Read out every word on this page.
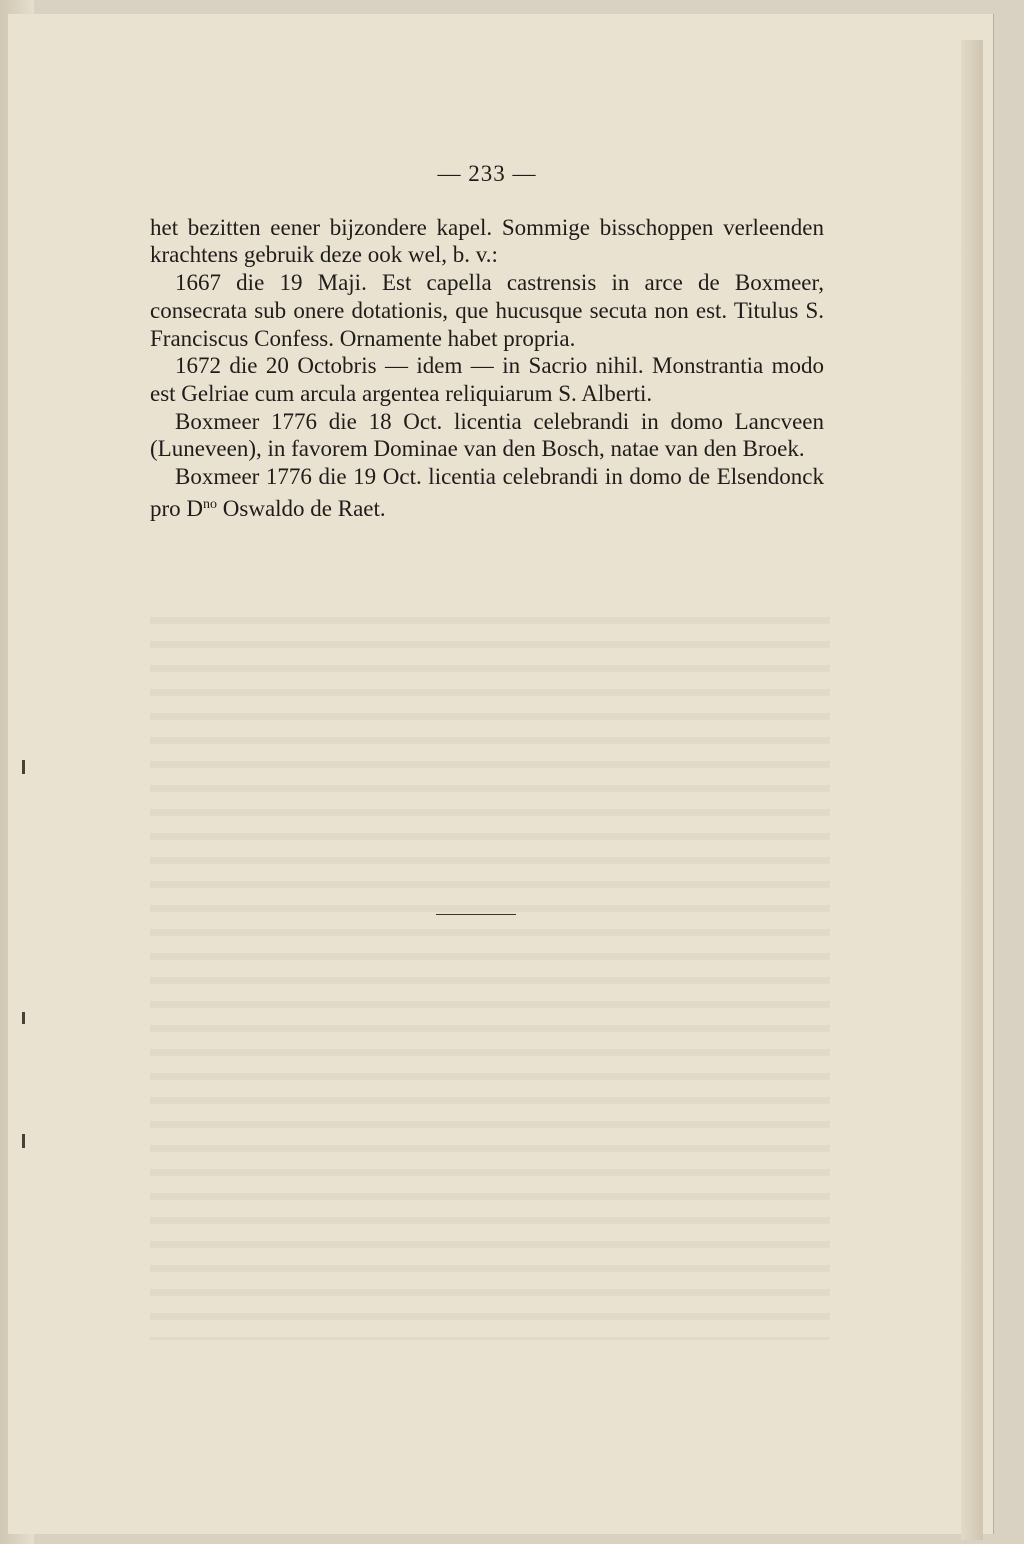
— 233 —

het bezitten eener bijzondere kapel. Sommige bisschoppen verleenden krachtens gebruik deze ook wel, b. v.:

1667 die 19 Maji. Est capella castrensis in arce de Boxmeer, consecrata sub onere dotationis, que hucusque secuta non est. Titulus S. Franciscus Confess. Ornamente habet propria.

1672 die 20 Octobris — idem — in Sacrio nihil. Monstrantia modo est Gelriae cum arcula argentea reliquiarum S. Alberti.

Boxmeer 1776 die 18 Oct. licentia celebrandi in domo Lancveen (Luneveen), in favorem Dominae van den Bosch, natae van den Broek.

Boxmeer 1776 die 19 Oct. licentia celebrandi in domo de Elsendonck pro $D^{no}$ Oswaldo de Raet.
